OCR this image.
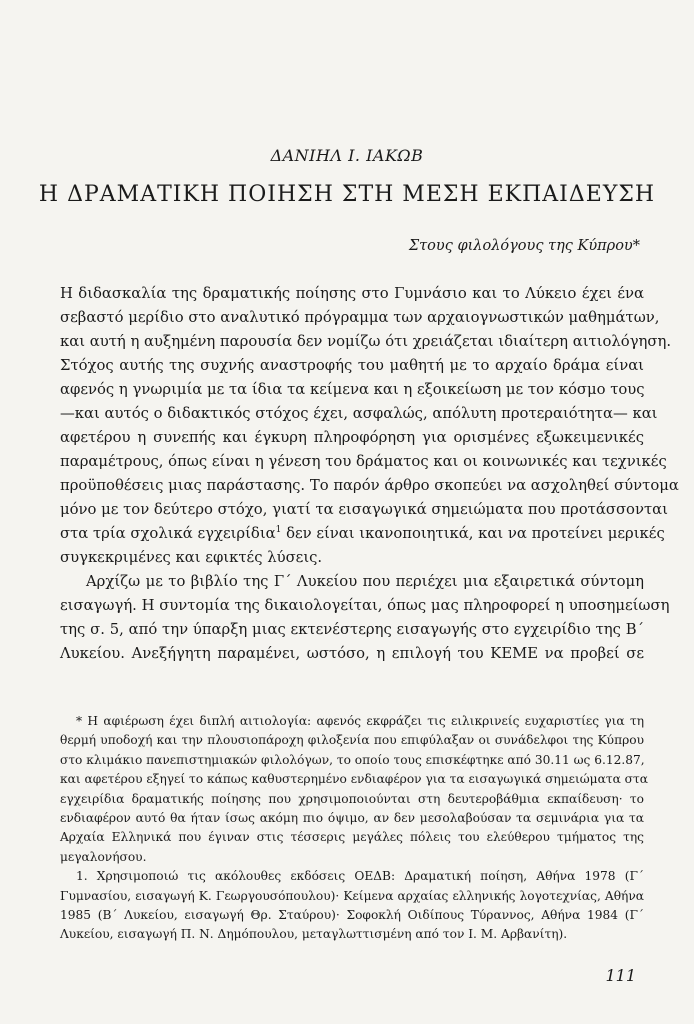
ΔΑΝΙΗΛ Ι. ΙΑΚΩΒ
Η ΔΡΑΜΑΤΙΚΗ ΠΟΙΗΣΗ ΣΤΗ ΜΕΣΗ ΕΚΠΑΙΔΕΥΣΗ
Στους φιλολόγους της Κύπρου*
Η διδασκαλία της δραματικής ποίησης στο Γυμνάσιο και το Λύκειο έχει ένα
σεβαστό μερίδιο στο αναλυτικό πρόγραμμα των αρχαιογνωστικών μαθημάτων,
και αυτή η αυξημένη παρουσία δεν νομίζω ότι χρειάζεται ιδιαίτερη αιτιολόγηση.
Στόχος αυτής της συχνής αναστροφής του μαθητή με το αρχαίο δράμα είναι
αφενός η γνωριμία με τα ίδια τα κείμενα και η εξοικείωση με τον κόσμο τους
—και αυτός ο διδακτικός στόχος έχει, ασφαλώς, απόλυτη προτεραιότητα— και
αφετέρου η συνεπής και έγκυρη πληροφόρηση για ορισμένες εξωκειμενικές
παραμέτρους, όπως είναι η γένεση του δράματος και οι κοινωνικές και τεχνικές
προϋποθέσεις μιας παράστασης. Το παρόν άρθρο σκοπεύει να ασχοληθεί σύντομα
μόνο με τον δεύτερο στόχο, γιατί τα εισαγωγικά σημειώματα που προτάσσονται
στα τρία σχολικά εγχειρίδια$^1$ δεν είναι ικανοποιητικά, και να προτείνει μερικές
συγκεκριμένες και εφικτές λύσεις.
Αρχίζω με το βιβλίο της Γ΄ Λυκείου που περιέχει μια εξαιρετικά σύντομη
εισαγωγή. Η συντομία της δικαιολογείται, όπως μας πληροφορεί η υποσημείωση
της σ. 5, από την ύπαρξη μιας εκτενέστερης εισαγωγής στο εγχειρίδιο της Β΄
Λυκείου. Ανεξήγητη παραμένει, ωστόσο, η επιλογή του ΚΕΜΕ να προβεί σε
* Η αφιέρωση έχει διπλή αιτιολογία: αφενός εκφράζει τις ειλικρινείς ευχαριστίες για τη
θερμή υποδοχή και την πλουσιοπάροχη φιλοξενία που επιφύλαξαν οι συνάδελφοι της Κύπρου
στο κλιμάκιο πανεπιστημιακών φιλολόγων, το οποίο τους επισκέφτηκε από 30.11 ως 6.12.87,
και αφετέρου εξηγεί το κάπως καθυστερημένο ενδιαφέρον για τα εισαγωγικά σημειώματα στα
εγχειρίδια δραματικής ποίησης που χρησιμοποιούνται στη δευτεροβάθμια εκπαίδευση· το
ενδιαφέρον αυτό θα ήταν ίσως ακόμη πιο όψιμο, αν δεν μεσολαβούσαν τα σεμινάρια για τα
Αρχαία Ελληνικά που έγιναν στις τέσσερις μεγάλες πόλεις του ελεύθερου τμήματος της
μεγαλονήσου.
1. Χρησιμοποιώ τις ακόλουθες εκδόσεις ΟΕΔΒ: Δραματική ποίηση, Αθήνα 1978 (Γ΄
Γυμνασίου, εισαγωγή Κ. Γεωργουσόπουλου)· Κείμενα αρχαίας ελληνικής λογοτεχνίας, Αθήνα
1985 (Β΄ Λυκείου, εισαγωγή Θρ. Σταύρου)· Σοφοκλή Οιδίπους Τύραννος, Αθήνα 1984 (Γ΄
Λυκείου, εισαγωγή Π. Ν. Δημόπουλου, μεταγλωττισμένη από τον Ι. Μ. Αρβανίτη).
111
